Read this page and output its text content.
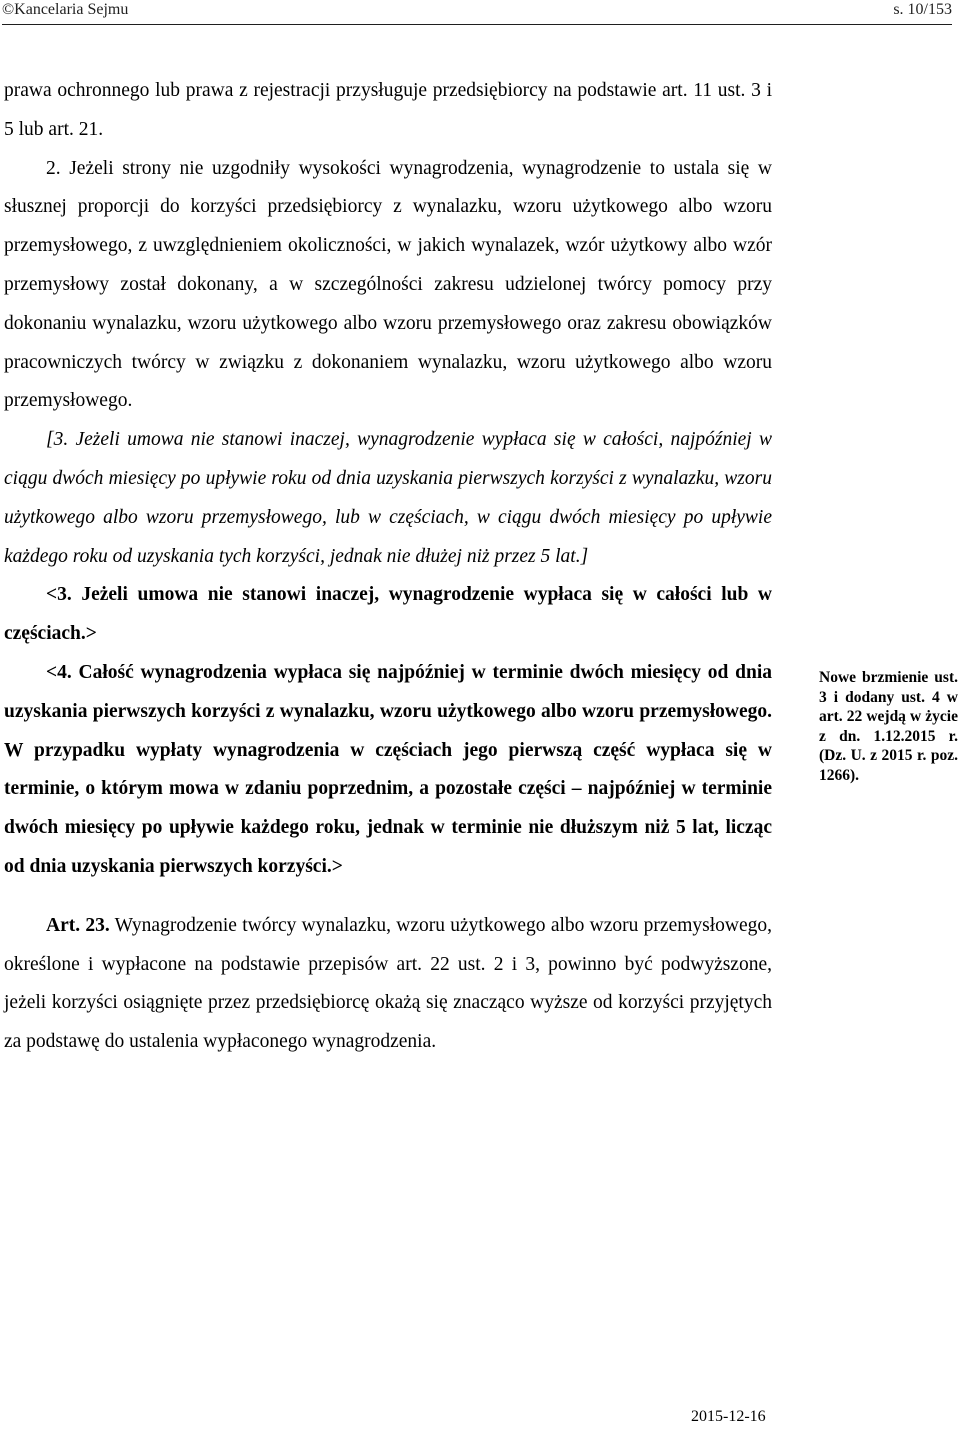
©Kancelaria Sejmu	s. 10/153

prawa ochronnego lub prawa z rejestracji przysługuje przedsiębiorcy na podstawie art. 11 ust. 3 i 5 lub art. 21.

2. Jeżeli strony nie uzgodniły wysokości wynagrodzenia, wynagrodzenie to ustala się w słusznej proporcji do korzyści przedsiębiorcy z wynalazku, wzoru użytkowego albo wzoru przemysłowego, z uwzględnieniem okoliczności, w jakich wynalazek, wzór użytkowy albo wzór przemysłowy został dokonany, a w szczególności zakresu udzielonej twórcy pomocy przy dokonaniu wynalazku, wzoru użytkowego albo wzoru przemysłowego oraz zakresu obowiązków pracowniczych twórcy w związku z dokonaniem wynalazku, wzoru użytkowego albo wzoru przemysłowego.

[3. Jeżeli umowa nie stanowi inaczej, wynagrodzenie wypłaca się w całości, najpóźniej w ciągu dwóch miesięcy po upływie roku od dnia uzyskania pierwszych korzyści z wynalazku, wzoru użytkowego albo wzoru przemysłowego, lub w częściach, w ciągu dwóch miesięcy po upływie każdego roku od uzyskania tych korzyści, jednak nie dłużej niż przez 5 lat.]

<3. Jeżeli umowa nie stanowi inaczej, wynagrodzenie wypłaca się w całości lub w częściach.>

<4. Całość wynagrodzenia wypłaca się najpóźniej w terminie dwóch miesięcy od dnia uzyskania pierwszych korzyści z wynalazku, wzoru użytkowego albo wzoru przemysłowego. W przypadku wypłaty wynagrodzenia w częściach jego pierwszą część wypłaca się w terminie, o którym mowa w zdaniu poprzednim, a pozostałe części – najpóźniej w terminie dwóch miesięcy po upływie każdego roku, jednak w terminie nie dłuższym niż 5 lat, licząc od dnia uzyskania pierwszych korzyści.>

Art. 23. Wynagrodzenie twórcy wynalazku, wzoru użytkowego albo wzoru przemysłowego, określone i wypłacone na podstawie przepisów art. 22 ust. 2 i 3, powinno być podwyższone, jeżeli korzyści osiągnięte przez przedsiębiorcę okażą się znacząco wyższe od korzyści przyjętych za podstawę do ustalenia wypłaconego wynagrodzenia.

Nowe brzmienie ust. 3 i dodany ust. 4 w art. 22 wejdą w życie z dn. 1.12.2015 r. (Dz. U. z 2015 r. poz. 1266).
2015-12-16
